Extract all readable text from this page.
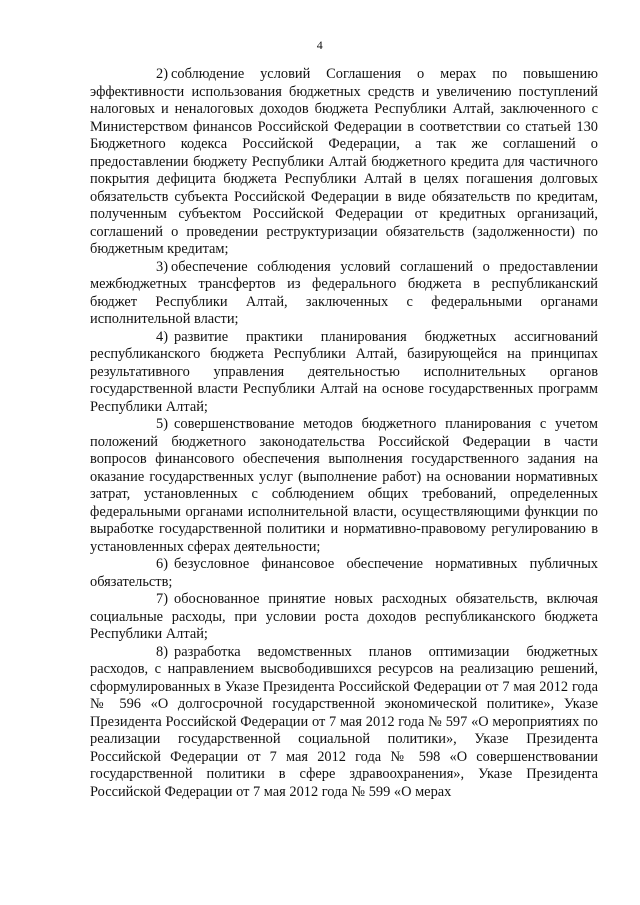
4

2) соблюдение условий Соглашения о мерах по повышению эффективности использования бюджетных средств и увеличению поступлений налоговых и неналоговых доходов бюджета Республики Алтай, заключенного с Министерством финансов Российской Федерации в соответствии со статьей 130 Бюджетного кодекса Российской Федерации, а так же соглашений о предоставлении бюджету Республики Алтай бюджетного кредита для частичного покрытия дефицита бюджета Республики Алтай в целях погашения долговых обязательств субъекта Российской Федерации в виде обязательств по кредитам, полученным субъектом Российской Федерации от кредитных организаций, соглашений о проведении реструктуризации обязательств (задолженности) по бюджетным кредитам;

3) обеспечение соблюдения условий соглашений о предоставлении межбюджетных трансфертов из федерального бюджета в республиканский бюджет Республики Алтай, заключенных с федеральными органами исполнительной власти;

4) развитие практики планирования бюджетных ассигнований республиканского бюджета Республики Алтай, базирующейся на принципах результативного управления деятельностью исполнительных органов государственной власти Республики Алтай на основе государственных программ Республики Алтай;

5) совершенствование методов бюджетного планирования с учетом положений бюджетного законодательства Российской Федерации в части вопросов финансового обеспечения выполнения государственного задания на оказание государственных услуг (выполнение работ) на основании нормативных затрат, установленных с соблюдением общих требований, определенных федеральными органами исполнительной власти, осуществляющими функции по выработке государственной политики и нормативно-правовому регулированию в установленных сферах деятельности;

6) безусловное финансовое обеспечение нормативных публичных обязательств;

7) обоснованное принятие новых расходных обязательств, включая социальные расходы, при условии роста доходов республиканского бюджета Республики Алтай;

8) разработка ведомственных планов оптимизации бюджетных расходов, с направлением высвободившихся ресурсов на реализацию решений, сформулированных в Указе Президента Российской Федерации от 7 мая 2012 года № 596 «О долгосрочной государственной экономической политике», Указе Президента Российской Федерации от 7 мая 2012 года № 597 «О мероприятиях по реализации государственной социальной политики», Указе Президента Российской Федерации от 7 мая 2012 года № 598 «О совершенствовании государственной политики в сфере здравоохранения», Указе Президента Российской Федерации от 7 мая 2012 года № 599 «О мерах
